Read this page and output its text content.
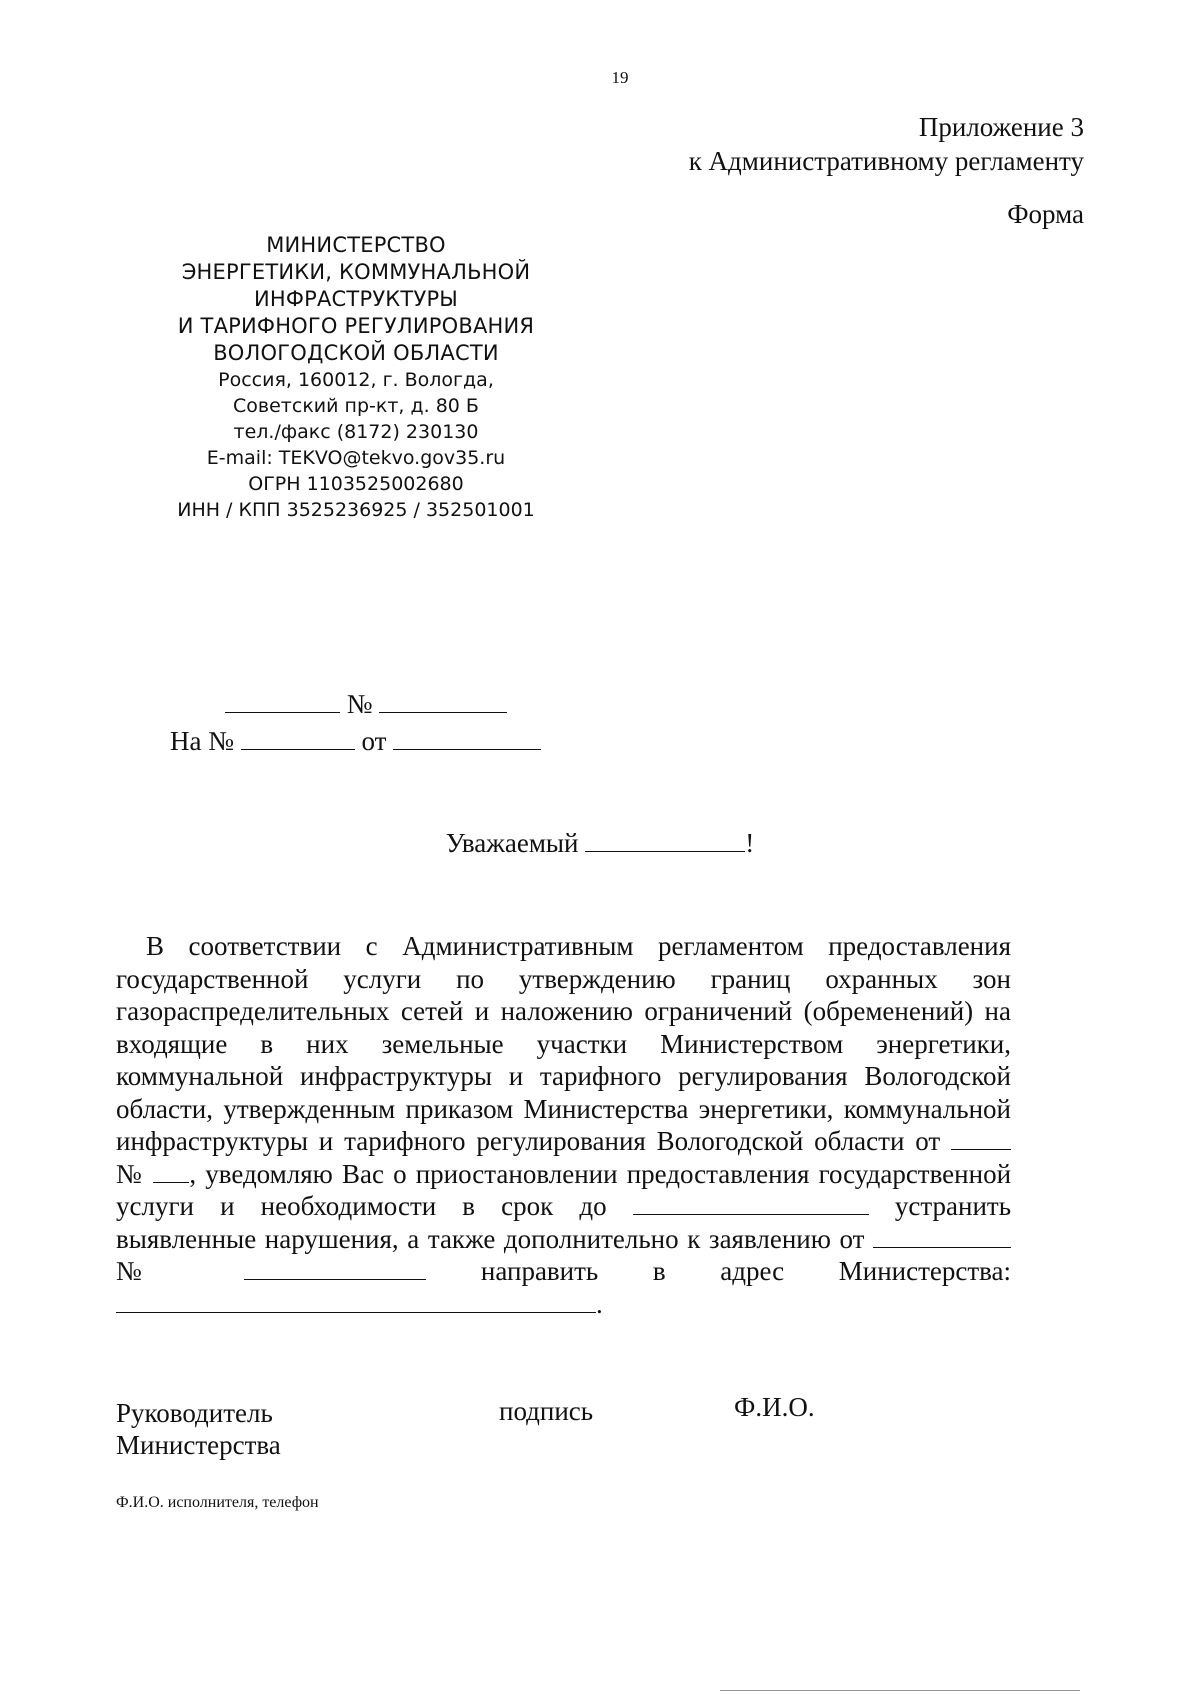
19
Приложение 3
к Административному регламенту
Форма
МИНИСТЕРСТВО
ЭНЕРГЕТИКИ, КОММУНАЛЬНОЙ
ИНФРАСТРУКТУРЫ
И ТАРИФНОГО РЕГУЛИРОВАНИЯ
ВОЛОГОДСКОЙ ОБЛАСТИ
Россия, 160012, г. Вологда,
Советский пр-кт, д. 80 Б
тел./факс (8172) 230130
E-mail: TEKVO@tekvo.gov35.ru
ОГРН 1103525002680
ИНН / КПП 3525236925 / 352501001
№
На №	от
Уважаемый	!

В соответствии с Административным регламентом предоставления государственной услуги по утверждению границ охранных зон газораспределительных сетей и наложению ограничений (обременений) на входящие в них земельные участки Министерством энергетики, коммунальной инфраструктуры и тарифного регулирования Вологодской области, утвержденным приказом Министерства энергетики, коммунальной инфраструктуры и тарифного регулирования Вологодской области от  № , уведомляю Вас о приостановлении предоставления государственной услуги и необходимости в срок до	устранить выявленные нарушения, а также дополнительно к заявлению от  №	направить в адрес Министерства: .

Руководитель
Министерства
подпись	Ф.И.О.
Ф.И.О. исполнителя, телефон
